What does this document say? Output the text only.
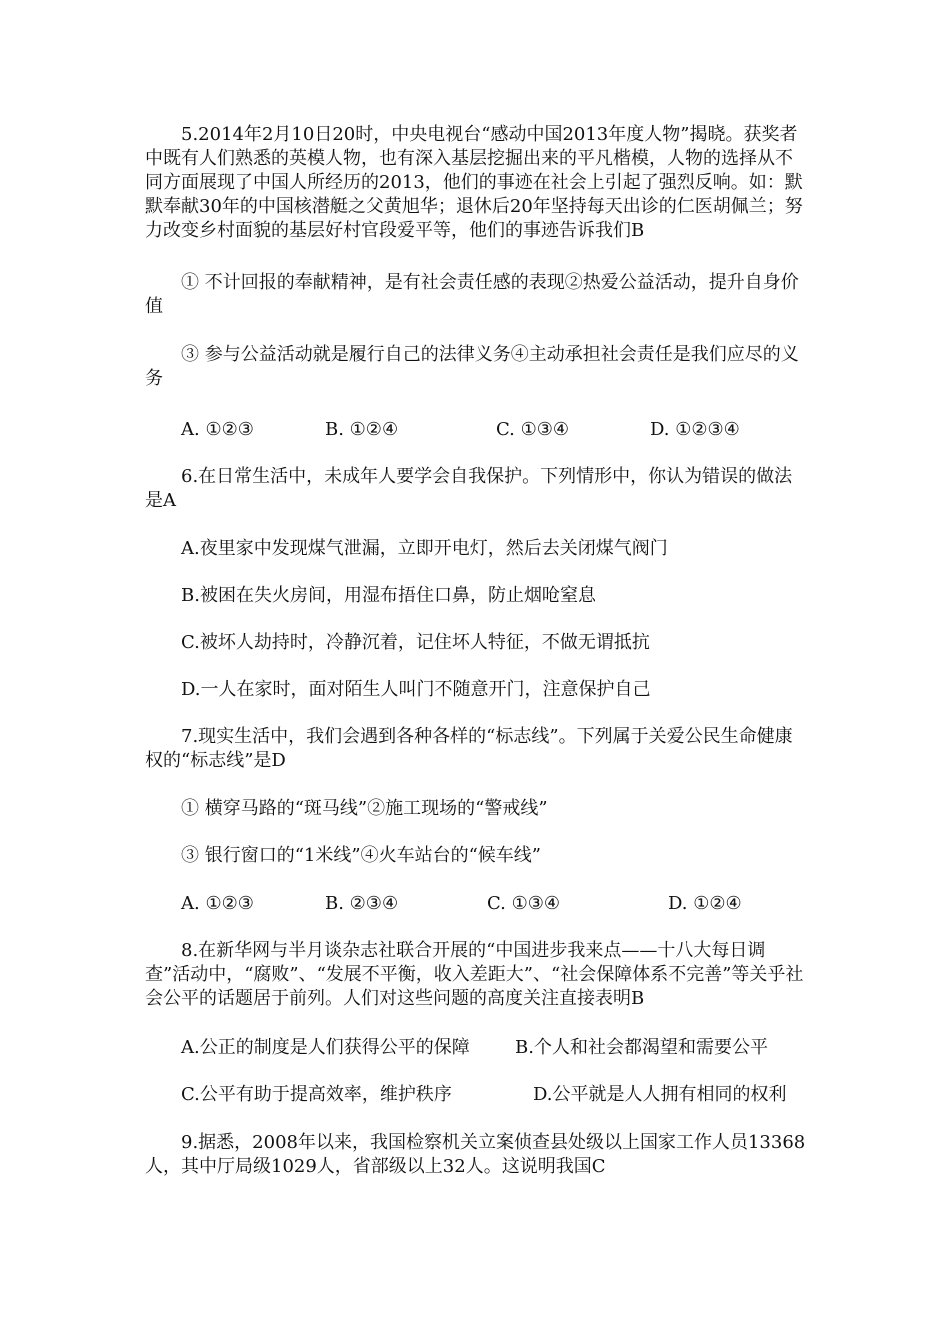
5.2014年2月10日20时，中央电视台“感动中国2013年度人物”揭晓。获奖者中既有人们熟悉的英模人物，也有深入基层挖掘出来的平凡楷模，人物的选择从不同方面展现了中国人所经历的2013，他们的事迹在社会上引起了强烈反响。如：默默奉献30年的中国核潜艇之父黄旭华；退休后20年坚持每天出诊的仁医胡佩兰；努力改变乡村面貌的基层好村官段爱平等，他们的事迹告诉我们B

① 不计回报的奉献精神，是有社会责任感的表现②热爱公益活动，提升自身价值

③ 参与公益活动就是履行自己的法律义务④主动承担社会责任是我们应尽的义务

A. ①②③	B. ①②④	C. ①③④	D. ①②③④

6.在日常生活中，未成年人要学会自我保护。下列情形中，你认为错误的做法是A

A.夜里家中发现煤气泄漏，立即开电灯，然后去关闭煤气阀门

B.被困在失火房间，用湿布捂住口鼻，防止烟呛窒息

C.被坏人劫持时，冷静沉着，记住坏人特征，不做无谓抵抗

D.一人在家时，面对陌生人叫门不随意开门，注意保护自己

7.现实生活中，我们会遇到各种各样的“标志线”。下列属于关爱公民生命健康权的“标志线”是D

① 横穿马路的“斑马线”②施工现场的“警戒线”

③ 银行窗口的“1米线”④火车站台的“候车线”

A. ①②③	B. ②③④	C. ①③④	D. ①②④

8.在新华网与半月谈杂志社联合开展的“中国进步我来点——十八大每日调查”活动中，“腐败”、“发展不平衡，收入差距大”、“社会保障体系不完善”等关乎社会公平的话题居于前列。人们对这些问题的高度关注直接表明B

A.公正的制度是人们获得公平的保障	B.个人和社会都渴望和需要公平

C.公平有助于提高效率，维护秩序	D.公平就是人人拥有相同的权利

9.据悉，2008年以来，我国检察机关立案侦查县处级以上国家工作人员13368人，其中厅局级1029人，省部级以上32人。这说明我国C
